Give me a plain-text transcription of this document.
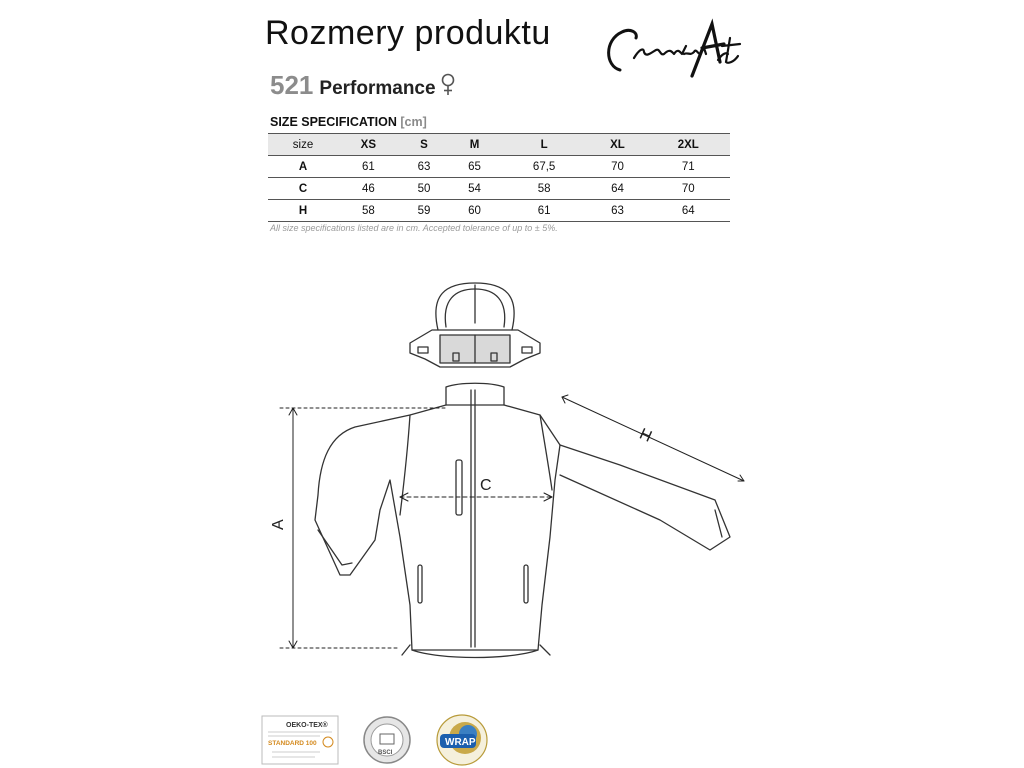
Rozmery produktu
521 Performance
SIZE SPECIFICATION [cm]
size	XS	S	M	L	XL	2XL
A	61	63	65	67,5	70	71
C	46	50	54	58	64	70
H	58	59	60	61	63	64
All size specifications listed are in cm. Accepted tolerance of up to ± 5%.
A
C
H
OEKO-TEX®
STANDARD 100
BSCI
WRAP
